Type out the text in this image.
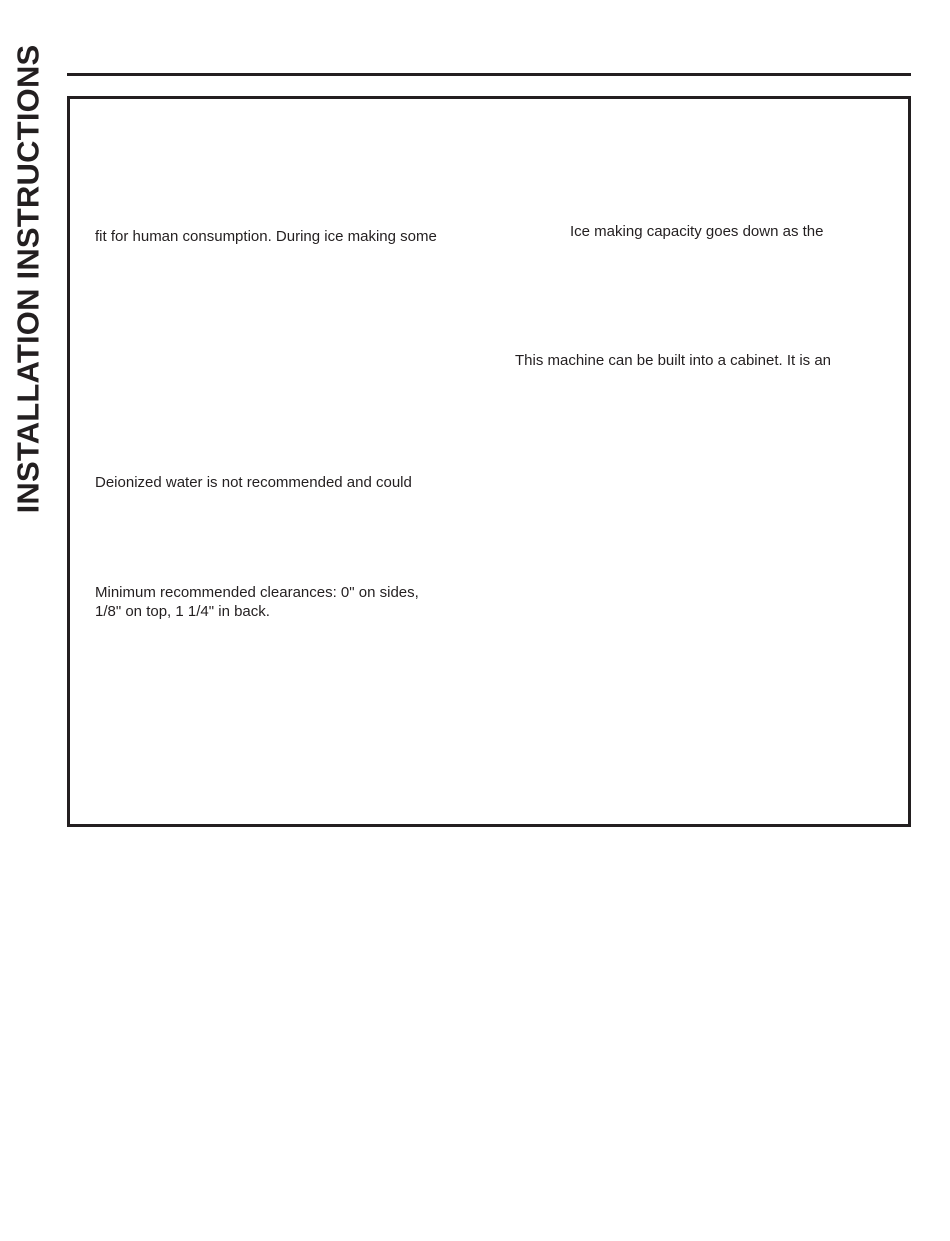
INSTALLATION INSTRUCTIONS	fit for human consumption. During ice making some	Ice making capacity goes down as the
This machine can be built into a cabinet. It is an
Deionized water is not recommended and could
Minimum recommended clearances: 0" on sides,
1/8" on top, 1 1/4" in back.
